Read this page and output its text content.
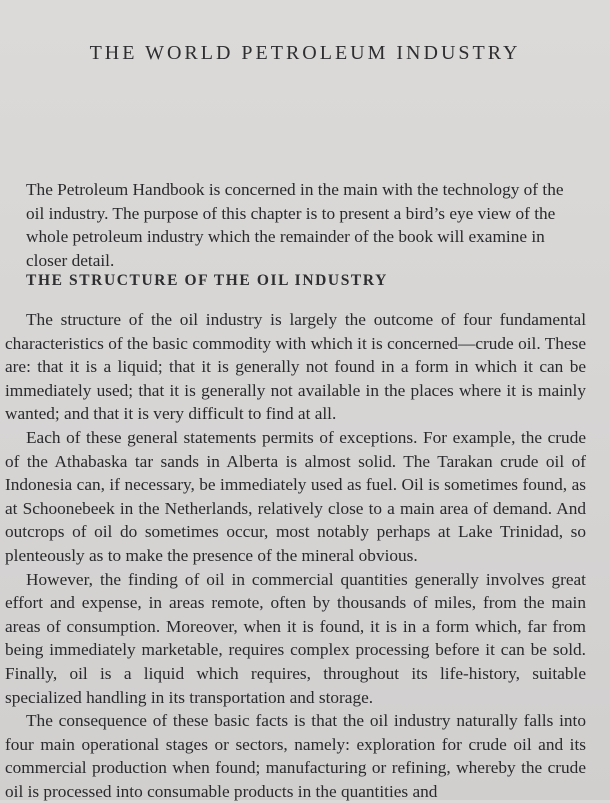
THE WORLD PETROLEUM INDUSTRY

The Petroleum Handbook is concerned in the main with the technology of the oil industry. The purpose of this chapter is to present a bird’s eye view of the whole petroleum industry which the remainder of the book will examine in closer detail.

THE STRUCTURE OF THE OIL INDUSTRY

The structure of the oil industry is largely the outcome of four fundamental characteristics of the basic commodity with which it is concerned—crude oil. These are: that it is a liquid; that it is generally not found in a form in which it can be immediately used; that it is generally not available in the places where it is mainly wanted; and that it is very difficult to find at all.

Each of these general statements permits of exceptions. For example, the crude of the Athabaska tar sands in Alberta is almost solid. The Tarakan crude oil of Indonesia can, if necessary, be immediately used as fuel. Oil is sometimes found, as at Schoonebeek in the Netherlands, relatively close to a main area of demand. And outcrops of oil do sometimes occur, most notably perhaps at Lake Trinidad, so plenteously as to make the presence of the mineral obvious.

However, the finding of oil in commercial quantities generally involves great effort and expense, in areas remote, often by thousands of miles, from the main areas of consumption. Moreover, when it is found, it is in a form which, far from being immediately marketable, requires complex processing before it can be sold. Finally, oil is a liquid which requires, throughout its life-history, suitable specialized handling in its transportation and storage.

The consequence of these basic facts is that the oil industry naturally falls into four main operational stages or sectors, namely: exploration for crude oil and its commercial production when found; manufacturing or refining, whereby the crude oil is processed into consumable products in the quantities and
